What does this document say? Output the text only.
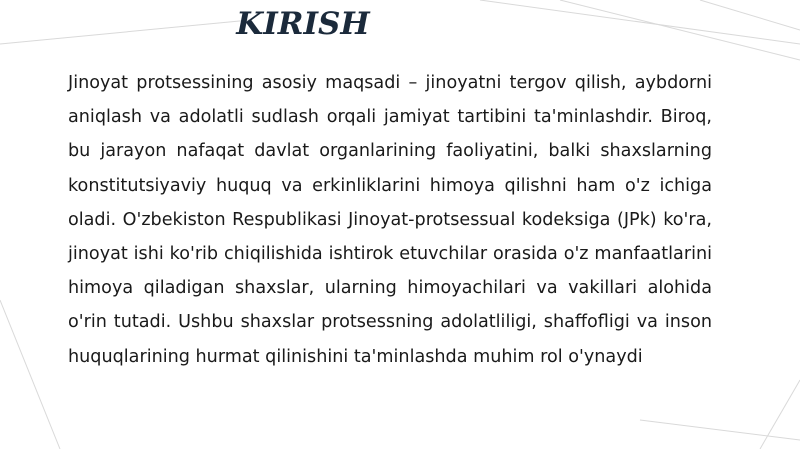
KIRISH

Jinoyat protsessining asosiy maqsadi – jinoyatni tergov qilish, aybdorni aniqlash va adolatli sudlash orqali jamiyat tartibini ta'minlashdir. Biroq, bu jarayon nafaqat davlat organlarining faoliyatini, balki shaxslarning konstitutsiyaviy huquq va erkinliklarini himoya qilishni ham o'z ichiga oladi. O'zbekiston Respublikasi Jinoyat-protsessual kodeksiga (JPk) ko'ra, jinoyat ishi ko'rib chiqilishida ishtirok etuvchilar orasida o'z manfaatlarini himoya qiladigan shaxslar, ularning himoyachilari va vakillari alohida o'rin tutadi. Ushbu shaxslar protsessning adolatliligi, shaffofligi va inson huquqlarining hurmat qilinishini ta'minlashda muhim rol o'ynaydi
